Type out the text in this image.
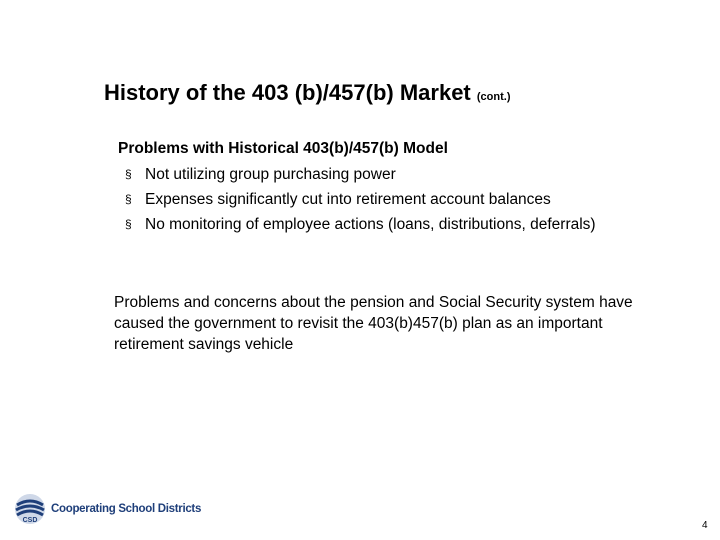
History of the 403 (b)/457(b) Market (cont.)
Problems with Historical 403(b)/457(b) Model
§ Not utilizing group purchasing power
§ Expenses significantly cut into retirement account balances
§ No monitoring of employee actions (loans, distributions, deferrals)
Problems and concerns about the pension and Social Security system have caused the government to revisit the 403(b)457(b) plan as an important retirement savings vehicle
CSD
Cooperating School Districts
4
